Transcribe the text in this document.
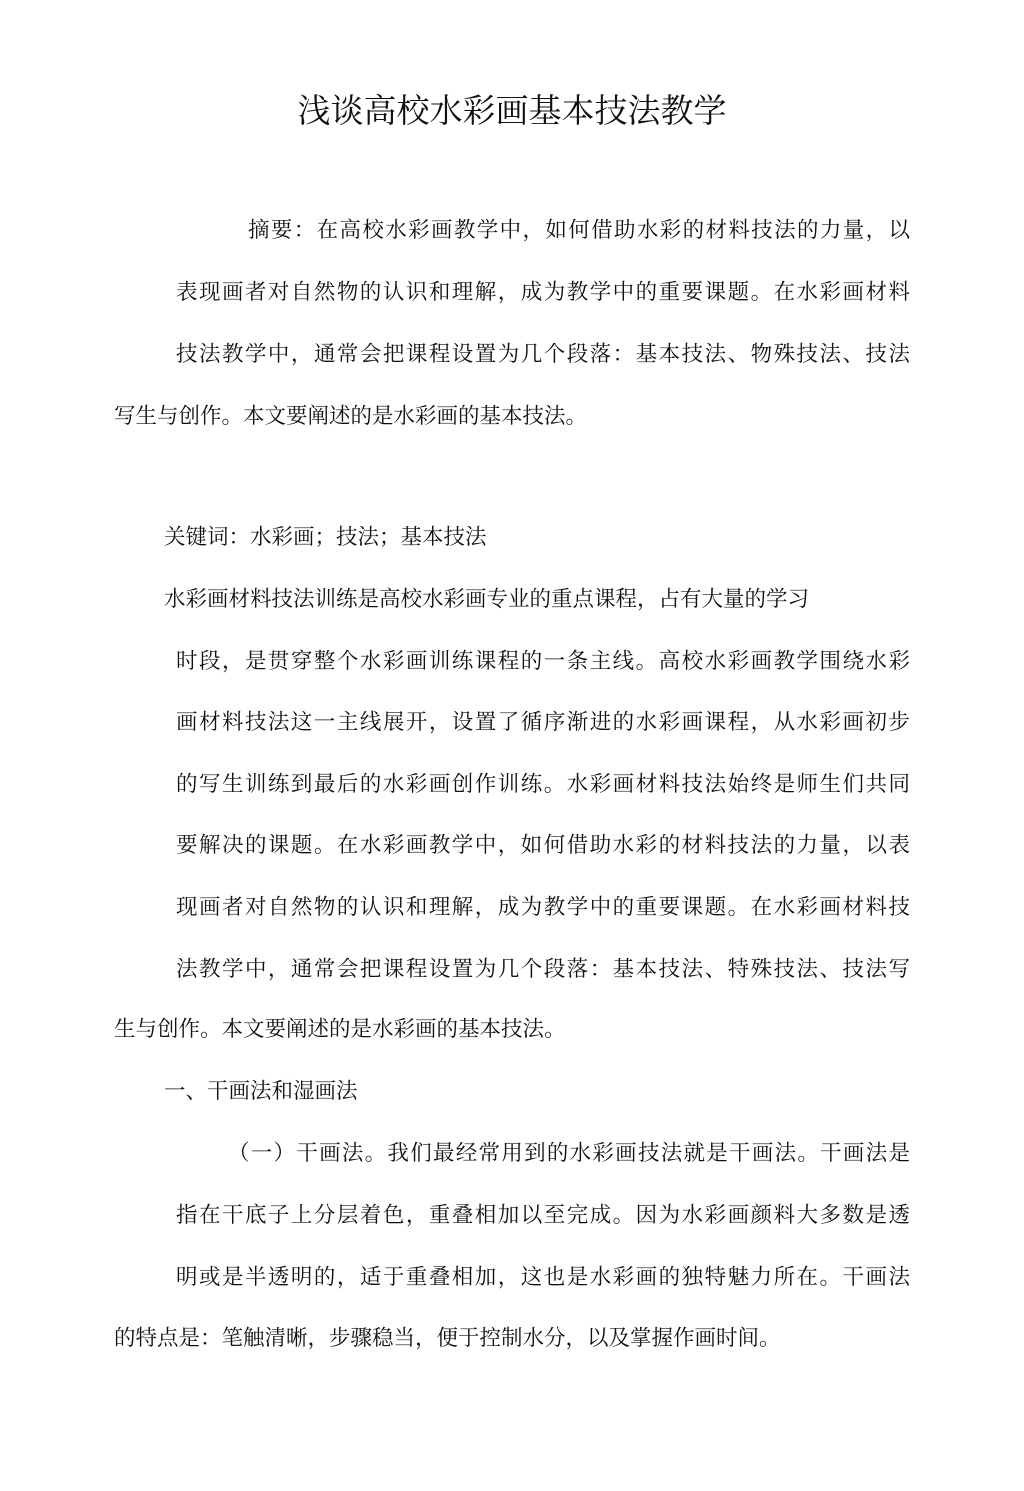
浅谈高校水彩画基本技法教学
摘要：在高校水彩画教学中，如何借助水彩的材料技法的力量，以
表现画者对自然物的认识和理解，成为教学中的重要课题。在水彩画材料
技法教学中，通常会把课程设置为几个段落：基本技法、物殊技法、技法
写生与创作。本文要阐述的是水彩画的基本技法。
关键词：水彩画；技法；基本技法
水彩画材料技法训练是高校水彩画专业的重点课程，占有大量的学习
时段，是贯穿整个水彩画训练课程的一条主线。高校水彩画教学围绕水彩
画材料技法这一主线展开，设置了循序渐进的水彩画课程，从水彩画初步
的写生训练到最后的水彩画创作训练。水彩画材料技法始终是师生们共同
要解决的课题。在水彩画教学中，如何借助水彩的材料技法的力量，以表
现画者对自然物的认识和理解，成为教学中的重要课题。在水彩画材料技
法教学中，通常会把课程设置为几个段落：基本技法、特殊技法、技法写
生与创作。本文要阐述的是水彩画的基本技法。
一、干画法和湿画法
（一）干画法。我们最经常用到的水彩画技法就是干画法。干画法是
指在干底子上分层着色，重叠相加以至完成。因为水彩画颜料大多数是透
明或是半透明的，适于重叠相加，这也是水彩画的独特魅力所在。干画法
的特点是：笔触清晰，步骤稳当，便于控制水分，以及掌握作画时间。
